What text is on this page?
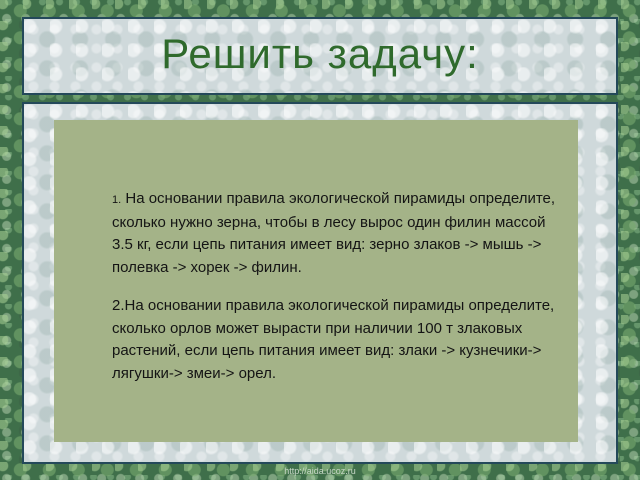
Решить задачу:

1. На основании правила экологической пирамиды определите, сколько нужно зерна, чтобы в лесу вырос один филин массой 3.5 кг, если цепь питания имеет вид: зерно злаков -> мышь -> полевка -> хорек -> филин.

2.На основании правила экологической пирамиды определите, сколько орлов может вырасти при наличии 100 т злаковых растений, если цепь питания имеет вид: злаки -> кузнечики-> лягушки-> змеи-> орел.

http://aida.ucoz.ru
